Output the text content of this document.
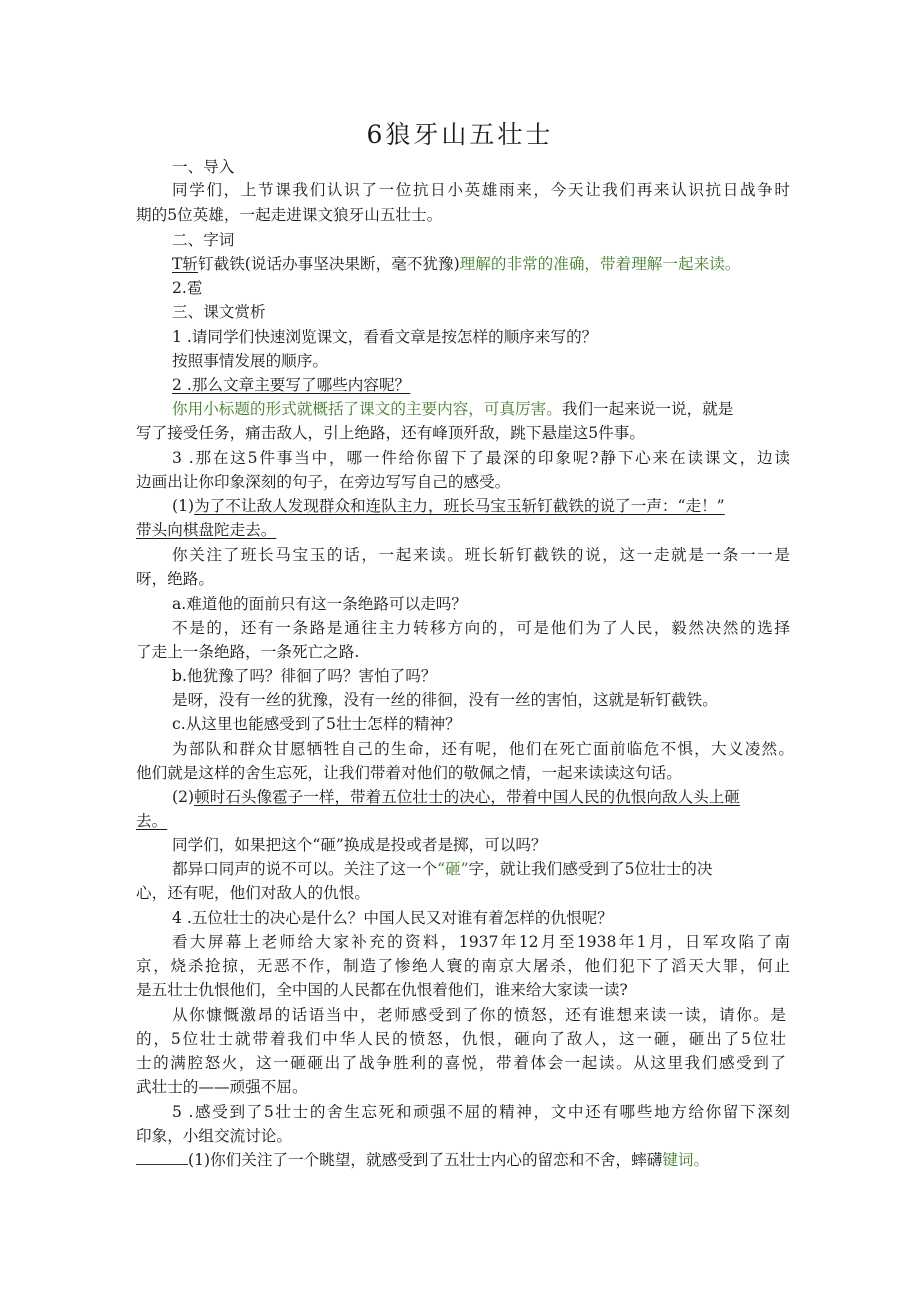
6狼牙山五壮士
一、导入
同学们，上节课我们认识了一位抗日小英雄雨来，今天让我们再来认识抗日战争时
期的5位英雄，一起走进课文狼牙山五壮士。
二、字词
T斩钉截铁(说话办事坚决果断，毫不犹豫)理解的非常的准确，带着理解一起来读。
2.雹
三、课文赏析
1 .请同学们快速浏览课文，看看文章是按怎样的顺序来写的？
按照事情发展的顺序。
2 .那么文章主要写了哪些内容呢？
你用小标题的形式就概括了课文的主要内容，可真厉害。我们一起来说一说，就是
写了接受任务，痛击敌人，引上绝路，还有峰顶歼敌，跳下悬崖这5件事。
3 .那在这5件事当中，哪一件给你留下了最深的印象呢?静下心来在读课文，边读
边画出让你印象深刻的句子，在旁边写写自己的感受。
(1)为了不让敌人发现群众和连队主力，班长马宝玉斩钉截铁的说了一声：“走！”
带头向棋盘陀走去。
你关注了班长马宝玉的话，一起来读。班长斩钉截铁的说，这一走就是一条一一是
呀，绝路。
a.难道他的面前只有这一条绝路可以走吗？
不是的，还有一条路是通往主力转移方向的，可是他们为了人民，毅然决然的选择
了走上一条绝路，一条死亡之路.
b.他犹豫了吗？徘徊了吗？害怕了吗？
是呀，没有一丝的犹豫，没有一丝的徘徊，没有一丝的害怕，这就是斩钉截铁。
c.从这里也能感受到了5壮士怎样的精神？
为部队和群众甘愿牺牲自己的生命，还有呢，他们在死亡面前临危不惧，大义凌然。
他们就是这样的舍生忘死，让我们带着对他们的敬佩之情，一起来读读这句话。
(2)顿时石头像雹子一样，带着五位壮士的决心，带着中国人民的仇恨向敌人头上砸
去。
同学们，如果把这个“砸”换成是投或者是掷，可以吗？
都异口同声的说不可以。关注了这一个“砸”字，就让我们感受到了5位壮士的决
心，还有呢，他们对敌人的仇恨。
4 .五位壮士的决心是什么？中国人民又对谁有着怎样的仇恨呢？
看大屏幕上老师给大家补充的资料，1937年12月至1938年1月，日军攻陷了南
京，烧杀抢掠，无恶不作，制造了惨绝人寰的南京大屠杀，他们犯下了滔天大罪，何止
是五壮士仇恨他们，全中国的人民都在仇恨着他们，谁来给大家读一读?
从你慷慨激昂的话语当中，老师感受到了你的愤怒，还有谁想来读一读，请你。是
的，5位壮士就带着我们中华人民的愤怒，仇恨，砸向了敌人，这一砸，砸出了5位壮
士的满腔怒火，这一砸砸出了战争胜利的喜悦，带着体会一起读。从这里我们感受到了
武壮士的——顽强不屈。
5 .感受到了5壮士的舍生忘死和顽强不屈的精神，文中还有哪些地方给你留下深刻
印象，小组交流讨论。
(1)你们关注了一个眺望，就感受到了五壮士内心的留恋和不舍，蟀礴键词。
